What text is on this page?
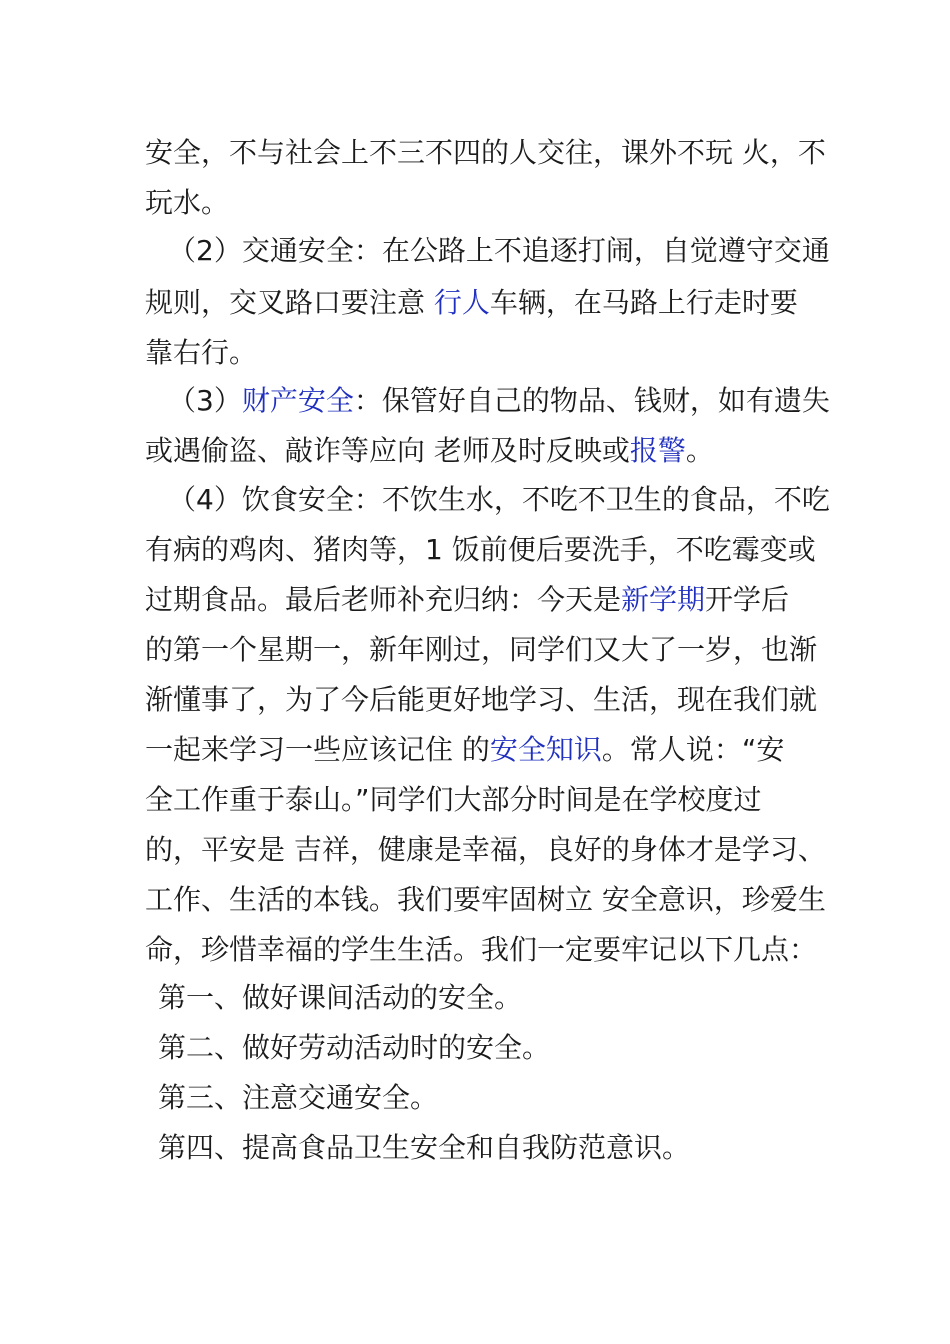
安全，不与社会上不三不四的人交往，课外不玩 火，不
玩水。
（2）交通安全：在公路上不追逐打闹，自觉遵守交通
规则，交叉路口要注意 行人车辆，在马路上行走时要
靠右行。
（3）财产安全：保管好自己的物品、钱财，如有遗失
或遇偷盗、敲诈等应向 老师及时反映或报警。
（4）饮食安全：不饮生水，不吃不卫生的食品，不吃
有病的鸡肉、猪肉等，1 饭前便后要洗手，不吃霉变或
过期食品。最后老师补充归纳：今天是新学期开学后
的第一个星期一，新年刚过，同学们又大了一岁，也渐
渐懂事了，为了今后能更好地学习、生活，现在我们就
一起来学习一些应该记住 的安全知识。常人说：“安
全工作重于泰山。”同学们大部分时间是在学校度过
的，平安是 吉祥，健康是幸福，良好的身体才是学习、
工作、生活的本钱。我们要牢固树立 安全意识，珍爱生
命，珍惜幸福的学生生活。我们一定要牢记以下几点：
第一、做好课间活动的安全。
第二、做好劳动活动时的安全。
第三、注意交通安全。
第四、提高食品卫生安全和自我防范意识。
